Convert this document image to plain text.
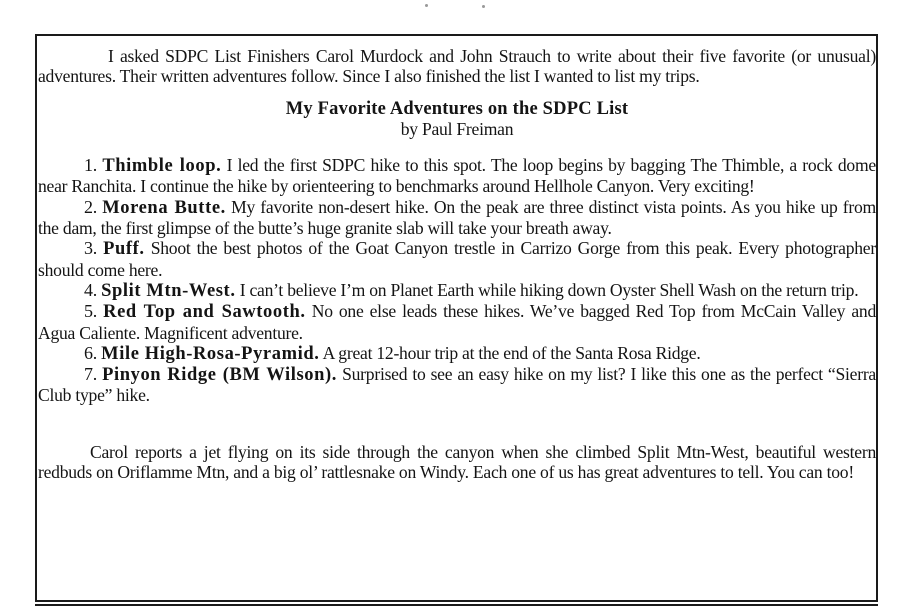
I asked SDPC List Finishers Carol Murdock and John Strauch to write about their five favorite (or unusual) adventures. Their written adventures follow. Since I also finished the list I wanted to list my trips.

My Favorite Adventures on the SDPC List

by Paul Freiman

1. Thimble loop. I led the first SDPC hike to this spot. The loop begins by bagging The Thimble, a rock dome near Ranchita. I continue the hike by orienteering to benchmarks around Hellhole Canyon. Very exciting!

2. Morena Butte. My favorite non-desert hike. On the peak are three distinct vista points. As you hike up from the dam, the first glimpse of the butte’s huge granite slab will take your breath away.

3. Puff. Shoot the best photos of the Goat Canyon trestle in Carrizo Gorge from this peak. Every photographer should come here.

4. Split Mtn-West. I can’t believe I’m on Planet Earth while hiking down Oyster Shell Wash on the return trip.

5. Red Top and Sawtooth. No one else leads these hikes. We’ve bagged Red Top from McCain Valley and Agua Caliente. Magnificent adventure.

6. Mile High-Rosa-Pyramid. A great 12-hour trip at the end of the Santa Rosa Ridge.

7. Pinyon Ridge (BM Wilson). Surprised to see an easy hike on my list? I like this one as the perfect “Sierra Club type” hike.

Carol reports a jet flying on its side through the canyon when she climbed Split Mtn-West, beautiful western redbuds on Oriflamme Mtn, and a big ol’ rattlesnake on Windy. Each one of us has great adventures to tell. You can too!
